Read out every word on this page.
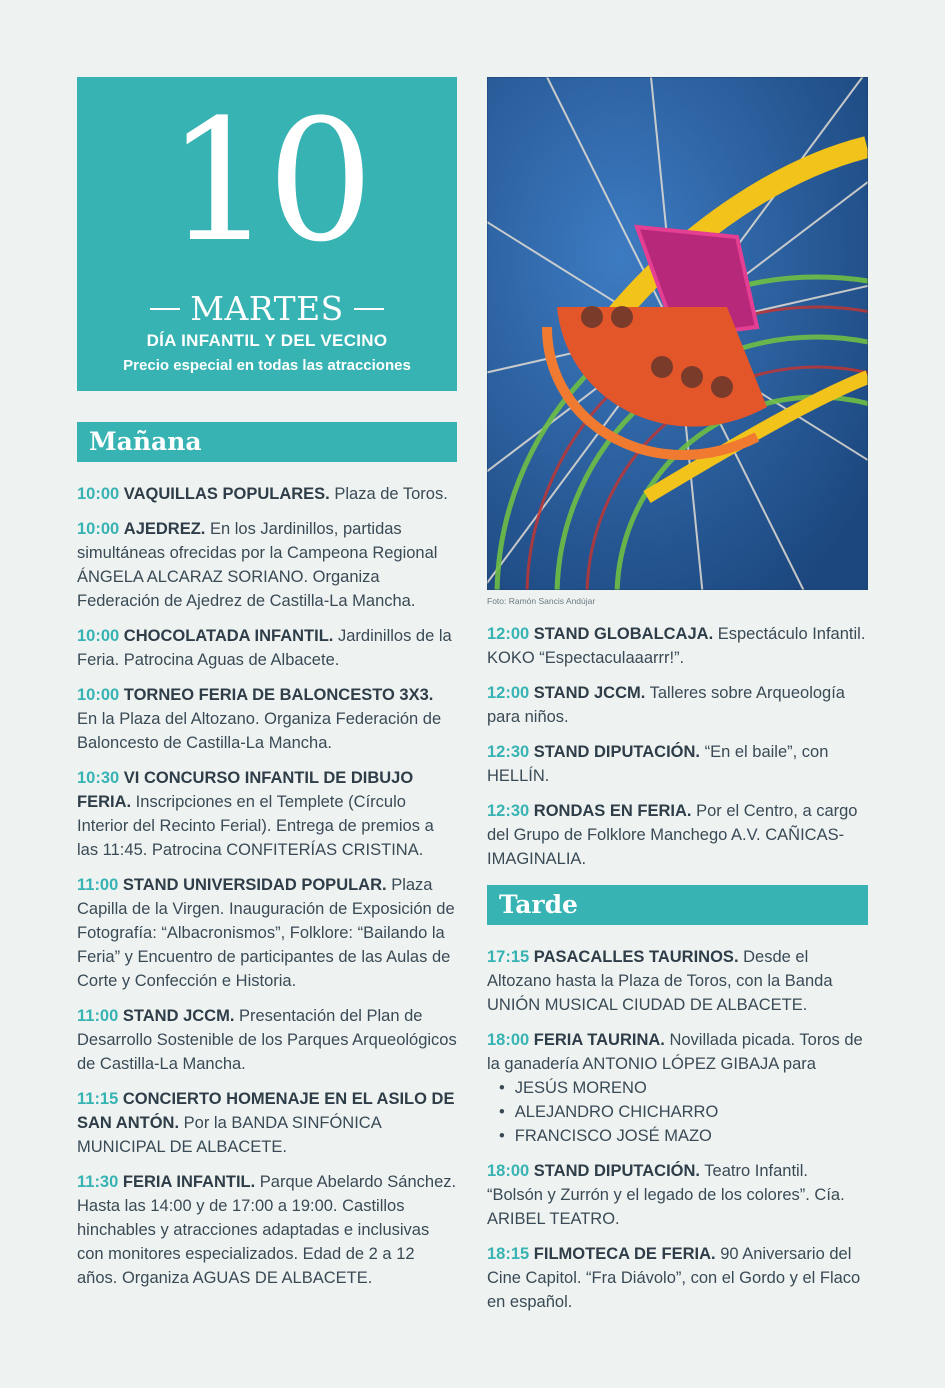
10
MARTES
DÍA INFANTIL Y DEL VECINO
Precio especial en todas las atracciones
Mañana
10:00 VAQUILLAS POPULARES. Plaza de Toros.
10:00 AJEDREZ. En los Jardinillos, partidas simultáneas ofrecidas por la Campeona Regional ÁNGELA ALCARAZ SORIANO. Organiza Federación de Ajedrez de Castilla-La Mancha.
10:00 CHOCOLATADA INFANTIL. Jardinillos de la Feria. Patrocina Aguas de Albacete.
10:00 TORNEO FERIA DE BALONCESTO 3X3. En la Plaza del Altozano. Organiza Federación de Baloncesto de Castilla-La Mancha.
10:30 VI CONCURSO INFANTIL DE DIBUJO FERIA. Inscripciones en el Templete (Círculo Interior del Recinto Ferial). Entrega de premios a las 11:45. Patrocina CONFITERÍAS CRISTINA.
11:00 STAND UNIVERSIDAD POPULAR. Plaza Capilla de la Virgen. Inauguración de Exposición de Fotografía: “Albacronismos”, Folklore: “Bailando la Feria” y Encuentro de participantes de las Aulas de Corte y Confección e Historia.
11:00 STAND JCCM. Presentación del Plan de Desarrollo Sostenible de los Parques Arqueológicos de Castilla-La Mancha.
11:15 CONCIERTO HOMENAJE EN EL ASILO DE SAN ANTÓN. Por la BANDA SINFÓNICA MUNICIPAL DE ALBACETE.
11:30 FERIA INFANTIL. Parque Abelardo Sánchez. Hasta las 14:00 y de 17:00 a 19:00. Castillos hinchables y atracciones adaptadas e inclusivas con monitores especializados. Edad de 2 a 12 años. Organiza AGUAS DE ALBACETE.
Foto: Ramón Sancis Andújar
12:00 STAND GLOBALCAJA. Espectáculo Infantil. KOKO “Espectaculaaarrr!”.
12:00 STAND JCCM. Talleres sobre Arqueología para niños.
12:30 STAND DIPUTACIÓN. “En el baile”, con HELLÍN.
12:30 RONDAS EN FERIA. Por el Centro, a cargo del Grupo de Folklore Manchego A.V. CAÑICAS-IMAGINALIA.
Tarde
17:15 PASACALLES TAURINOS. Desde el Altozano hasta la Plaza de Toros, con la Banda UNIÓN MUSICAL CIUDAD DE ALBACETE.
18:00 FERIA TAURINA. Novillada picada. Toros de la ganadería ANTONIO LÓPEZ GIBAJA para
• JESÚS MORENO
• ALEJANDRO CHICHARRO
• FRANCISCO JOSÉ MAZO
18:00 STAND DIPUTACIÓN. Teatro Infantil. “Bolsón y Zurrón y el legado de los colores”. Cía. ARIBEL TEATRO.
18:15 FILMOTECA DE FERIA. 90 Aniversario del Cine Capitol. “Fra Diávolo”, con el Gordo y el Flaco en español.
